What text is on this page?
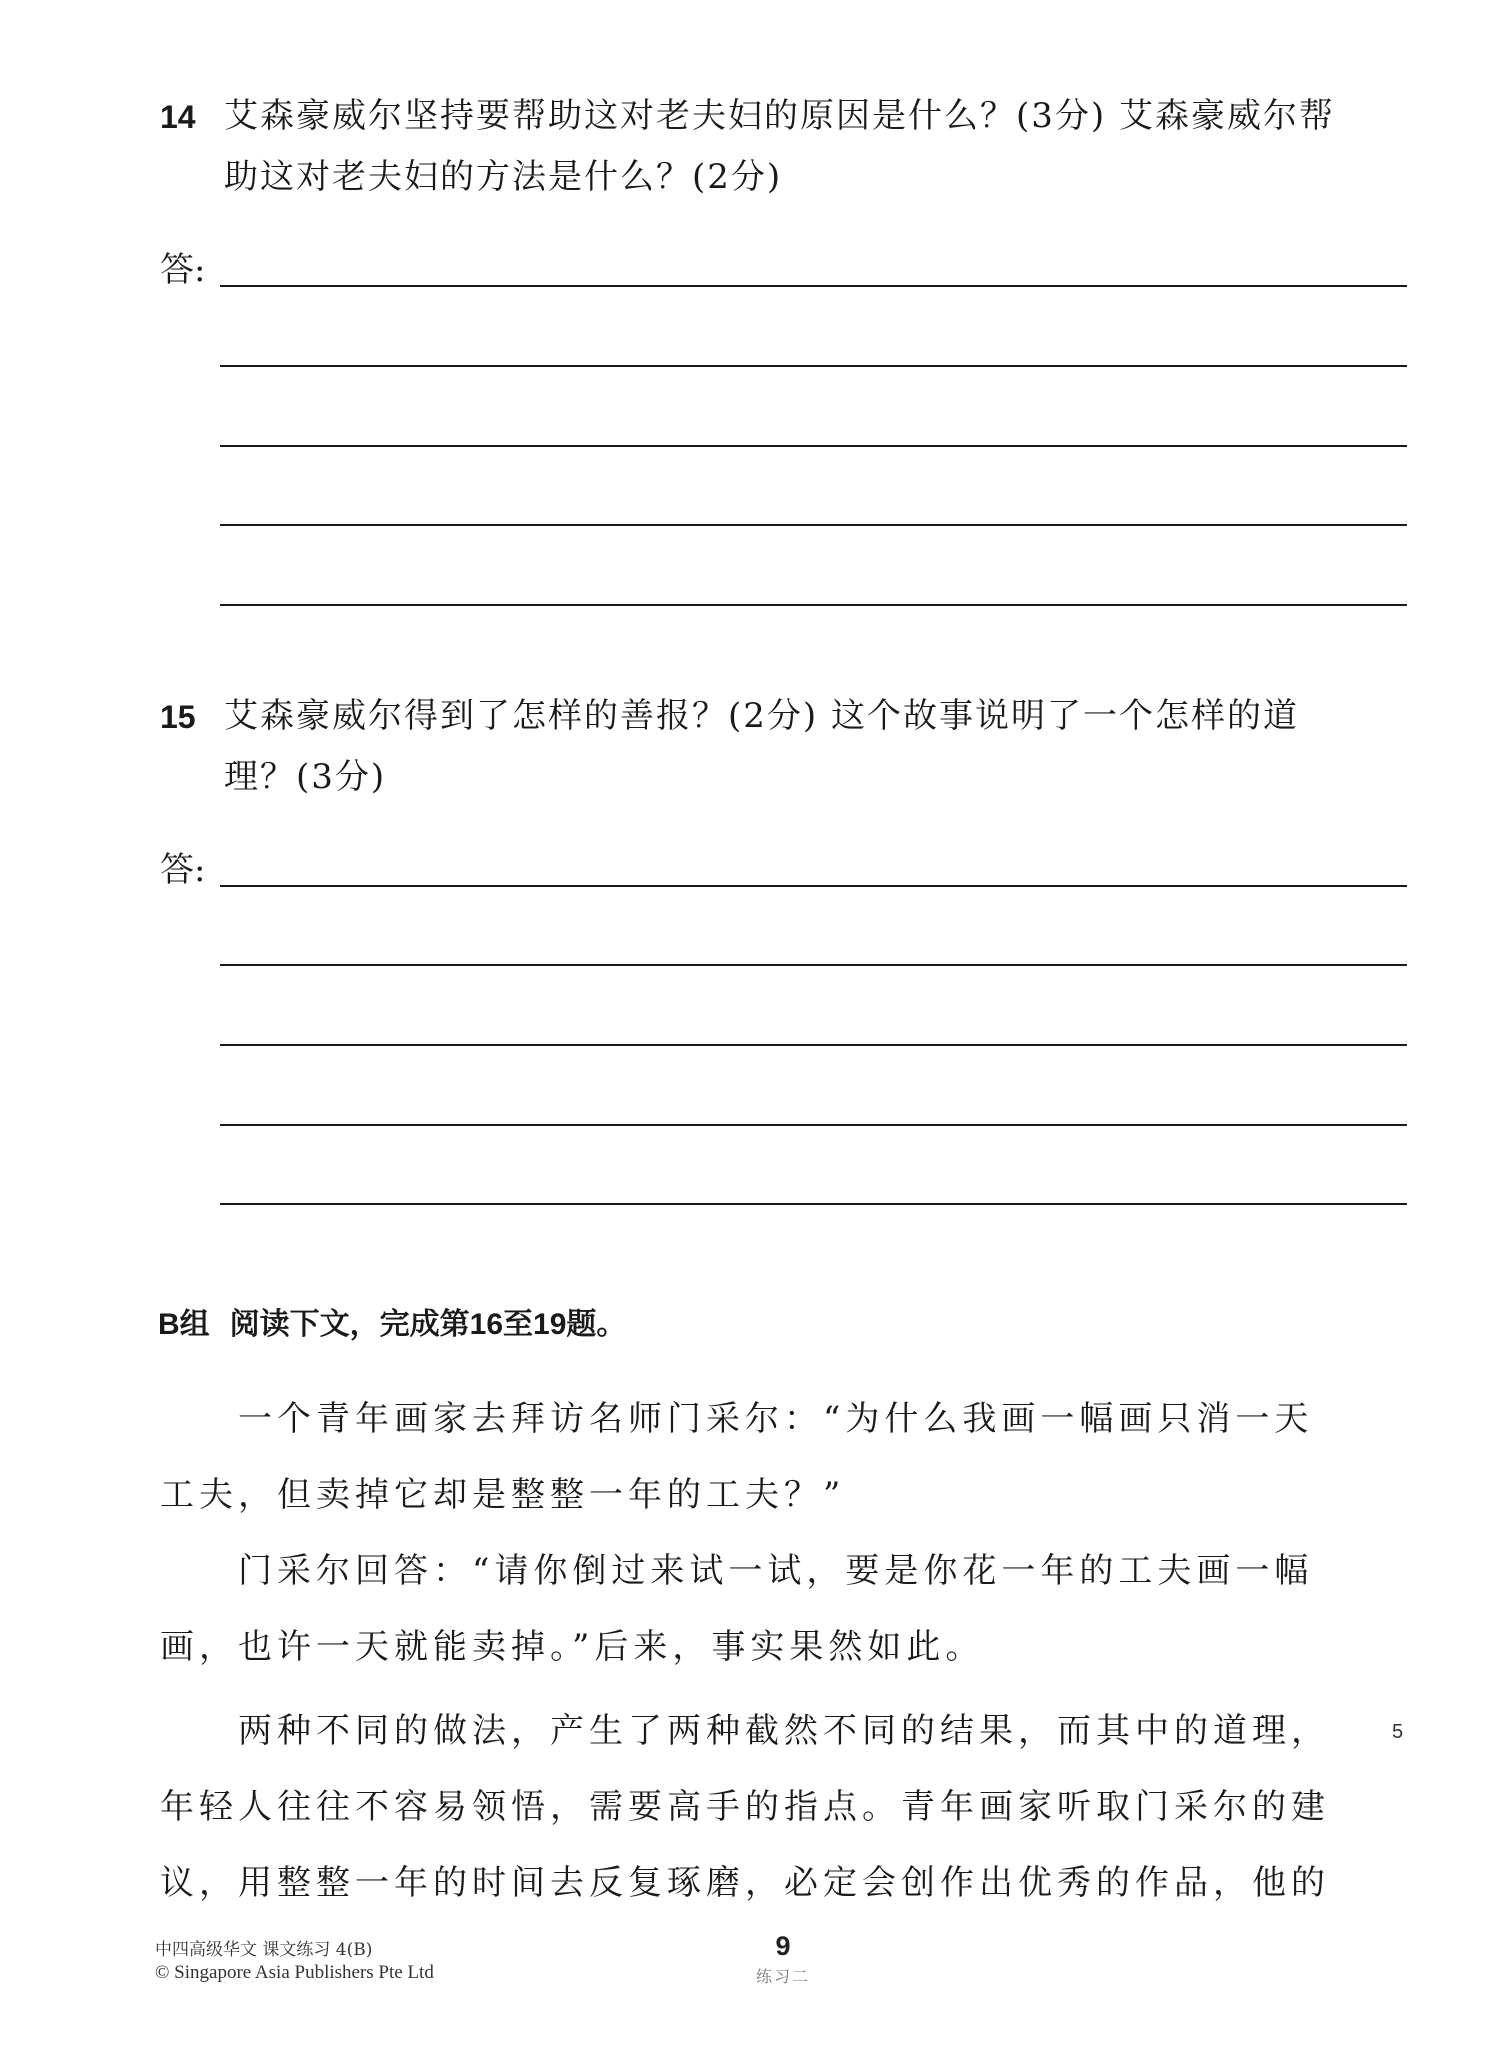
14 艾森豪威尔坚持要帮助这对老夫妇的原因是什么？(3分) 艾森豪威尔帮
助这对老夫妇的方法是什么？(2分)
答:
15 艾森豪威尔得到了怎样的善报？(2分) 这个故事说明了一个怎样的道
理？(3分)
答:
B组 阅读下文，完成第16至19题。
一个青年画家去拜访名师门采尔：“为什么我画一幅画只消一天
工夫，但卖掉它却是整整一年的工夫？”
门采尔回答：“请你倒过来试一试，要是你花一年的工夫画一幅
画，也许一天就能卖掉。”后来，事实果然如此。
两种不同的做法，产生了两种截然不同的结果，而其中的道理，	5
年轻人往往不容易领悟，需要高手的指点。青年画家听取门采尔的建
议，用整整一年的时间去反复琢磨，必定会创作出优秀的作品，他的
中四高级华文 课文练习 4(B)
© Singapore Asia Publishers Pte Ltd
9
练习二
